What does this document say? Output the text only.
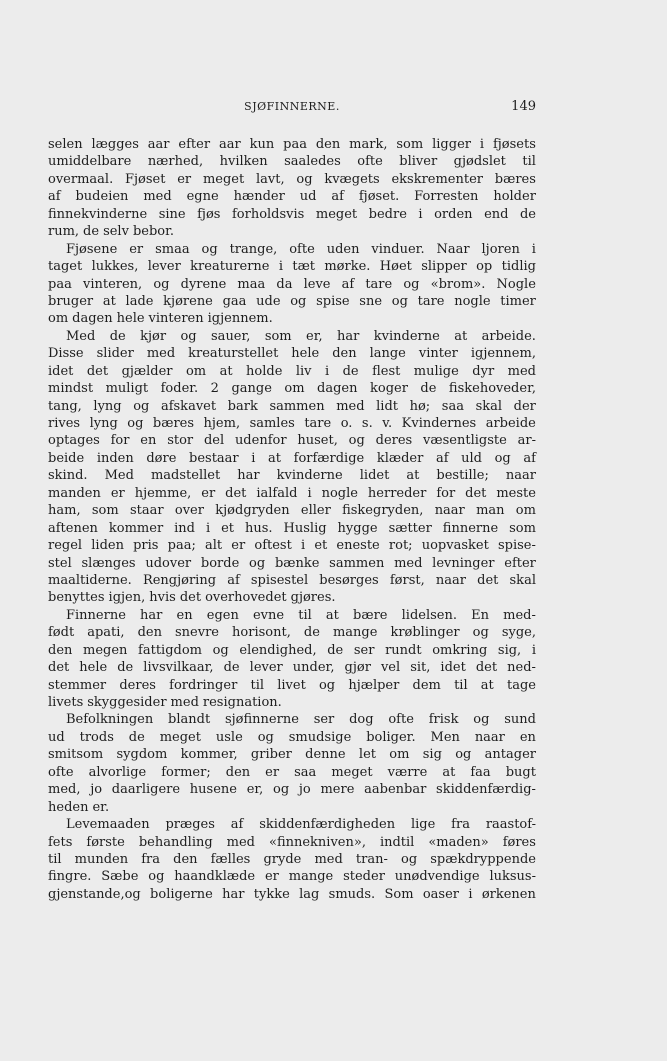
SJØFINNERNE.	149
selen lægges aar efter aar kun paa den mark, som ligger i fjøsets
umiddelbare nærhed, hvilken saaledes ofte bliver gjødslet til
overmaal. Fjøset er meget lavt, og kvægets ekskrementer bæres
af budeien med egne hænder ud af fjøset. Forresten holder
finnekvinderne sine fjøs forholdsvis meget bedre i orden end de
rum, de selv bebor.
Fjøsene er smaa og trange, ofte uden vinduer. Naar ljoren i
taget lukkes, lever kreaturerne i tæt mørke. Høet slipper op tidlig
paa vinteren, og dyrene maa da leve af tare og «brom». Nogle
bruger at lade kjørene gaa ude og spise sne og tare nogle timer
om dagen hele vinteren igjennem.
Med de kjør og sauer, som er, har kvinderne at arbeide.
Disse slider med kreaturstellet hele den lange vinter igjennem,
idet det gjælder om at holde liv i de flest mulige dyr med
mindst muligt foder. 2 gange om dagen koger de fiskehoveder,
tang, lyng og afskavet bark sammen med lidt hø; saa skal der
rives lyng og bæres hjem, samles tare o. s. v. Kvindernes arbeide
optages for en stor del udenfor huset, og deres væsentligste ar-
beide inden døre bestaar i at forfærdige klæder af uld og af
skind. Med madstellet har kvinderne lidet at bestille; naar
manden er hjemme, er det ialfald i nogle herreder for det meste
ham, som staar over kjødgryden eller fiskegryden, naar man om
aftenen kommer ind i et hus. Huslig hygge sætter finnerne som
regel liden pris paa; alt er oftest i et eneste rot; uopvasket spise-
stel slænges udover borde og bænke sammen med levninger efter
maaltiderne. Rengjøring af spisestel besørges først, naar det skal
benyttes igjen, hvis det overhovedet gjøres.
Finnerne har en egen evne til at bære lidelsen. En med-
født apati, den snevre horisont, de mange krøblinger og syge,
den megen fattigdom og elendighed, de ser rundt omkring sig, i
det hele de livsvilkaar, de lever under, gjør vel sit, idet det ned-
stemmer deres fordringer til livet og hjælper dem til at tage
livets skyggesider med resignation.
Befolkningen blandt sjøfinnerne ser dog ofte frisk og sund
ud trods de meget usle og smudsige boliger. Men naar en
smitsom sygdom kommer, griber denne let om sig og antager
ofte alvorlige former; den er saa meget værre at faa bugt
med, jo daarligere husene er, og jo mere aabenbar skiddenfærdig-
heden er.
Levemaaden præges af skiddenfærdigheden lige fra raastof-
fets første behandling med «finnekniven», indtil «maden» føres
til munden fra den fælles gryde med tran- og spækdryppende
fingre. Sæbe og haandklæde er mange steder unødvendige luksus-
gjenstande,og boligerne har tykke lag smuds. Som oaser i ørkenen
